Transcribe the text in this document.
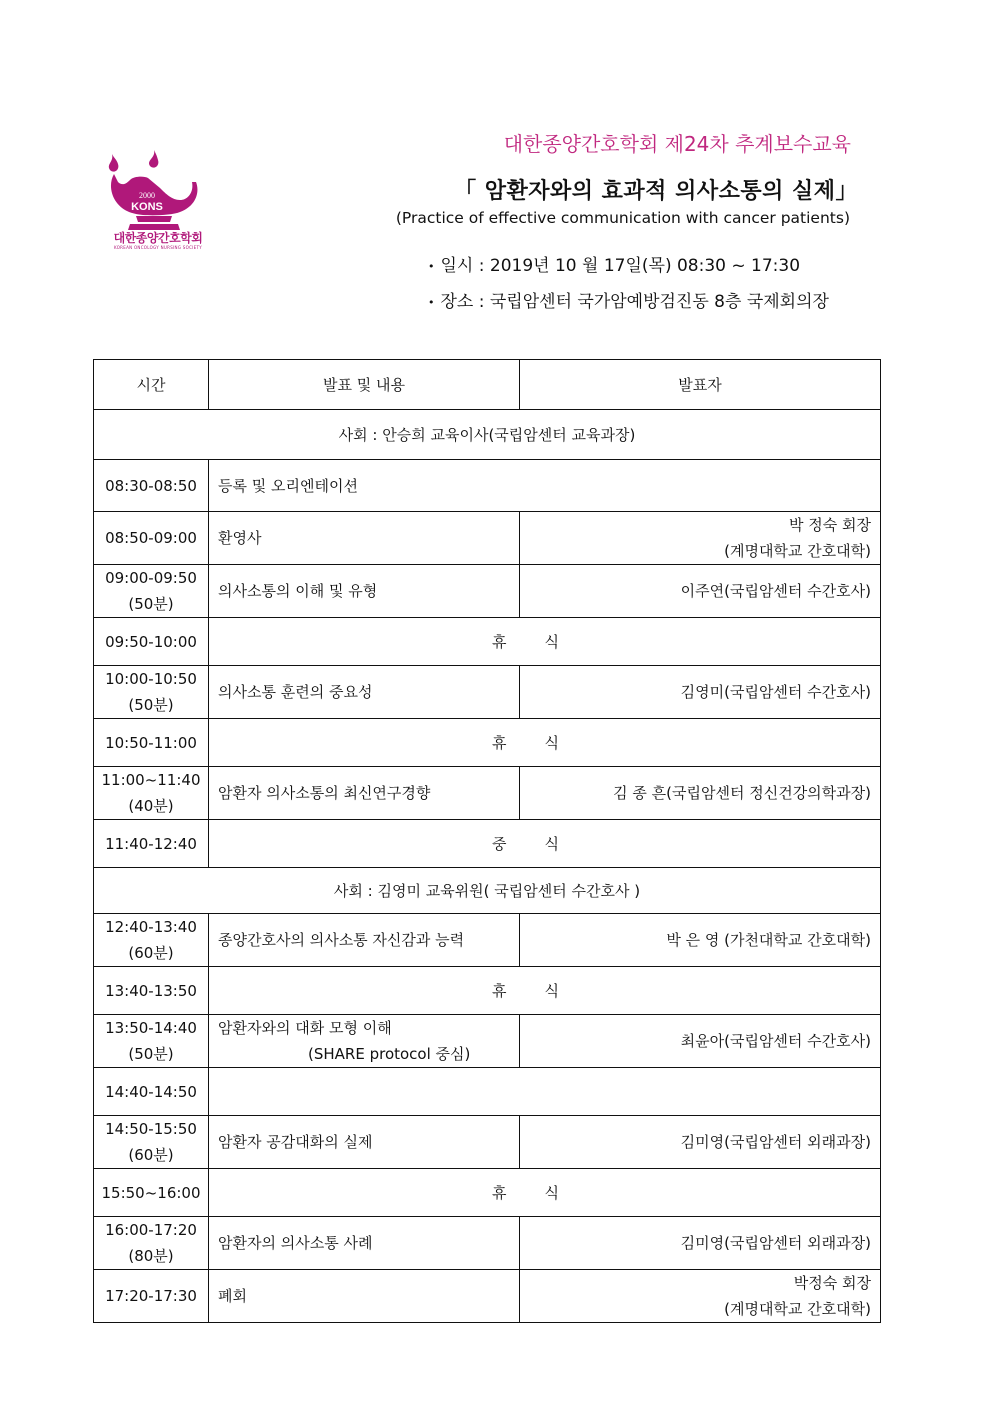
2000
KONS
대한종양간호학회
KOREAN ONCOLOGY NURSING SOCIETY
대한종양간호학회 제24차 추계보수교육
「 암환자와의 효과적 의사소통의 실제」
(Practice of effective communication with cancer patients)
• 일시 : 2019년 10 월 17일(목) 08:30 ~ 17:30
• 장소 : 국립암센터 국가암예방검진동 8층 국제회의장
시간	발표 및 내용	발표자
사회 : 안승희 교육이사(국립암센터 교육과장)		
08:30-08:50	등록 및 오리엔테이션	
08:50-09:00	환영사	박 정숙 회장
(계명대학교 간호대학)

09:00-09:50
(50분)	의사소통의 이해 및 유형	이주연(국립암센터 수간호사)
09:50-10:00	휴식	

10:00-10:50
(50분)	의사소통 훈련의 중요성	김영미(국립암센터 수간호사)
10:50-11:00	휴식	

11:00~11:40
(40분)	암환자 의사소통의 최신연구경향	김 종 흔(국립암센터 정신건강의학과장)
11:40-12:40	중식	
사회 : 김영미 교육위원( 국립암센터 수간호사 )		

12:40-13:40
(60분)	종양간호사의 의사소통 자신감과 능력	박 은 영 (가천대학교 간호대학)
13:40-13:50	휴식	

13:50-14:40
(50분)	암환자와의 대화 모형 이해
(SHARE protocol 중심)	최윤아(국립암센터 수간호사)
14:40-14:50		

14:50-15:50
(60분)	암환자 공감대화의 실제	김미영(국립암센터 외래과장)
15:50~16:00	휴식	

16:00-17:20
(80분)	암환자의 의사소통 사례	김미영(국립암센터 외래과장)
17:20-17:30	폐회	박정숙 회장
(계명대학교 간호대학)
